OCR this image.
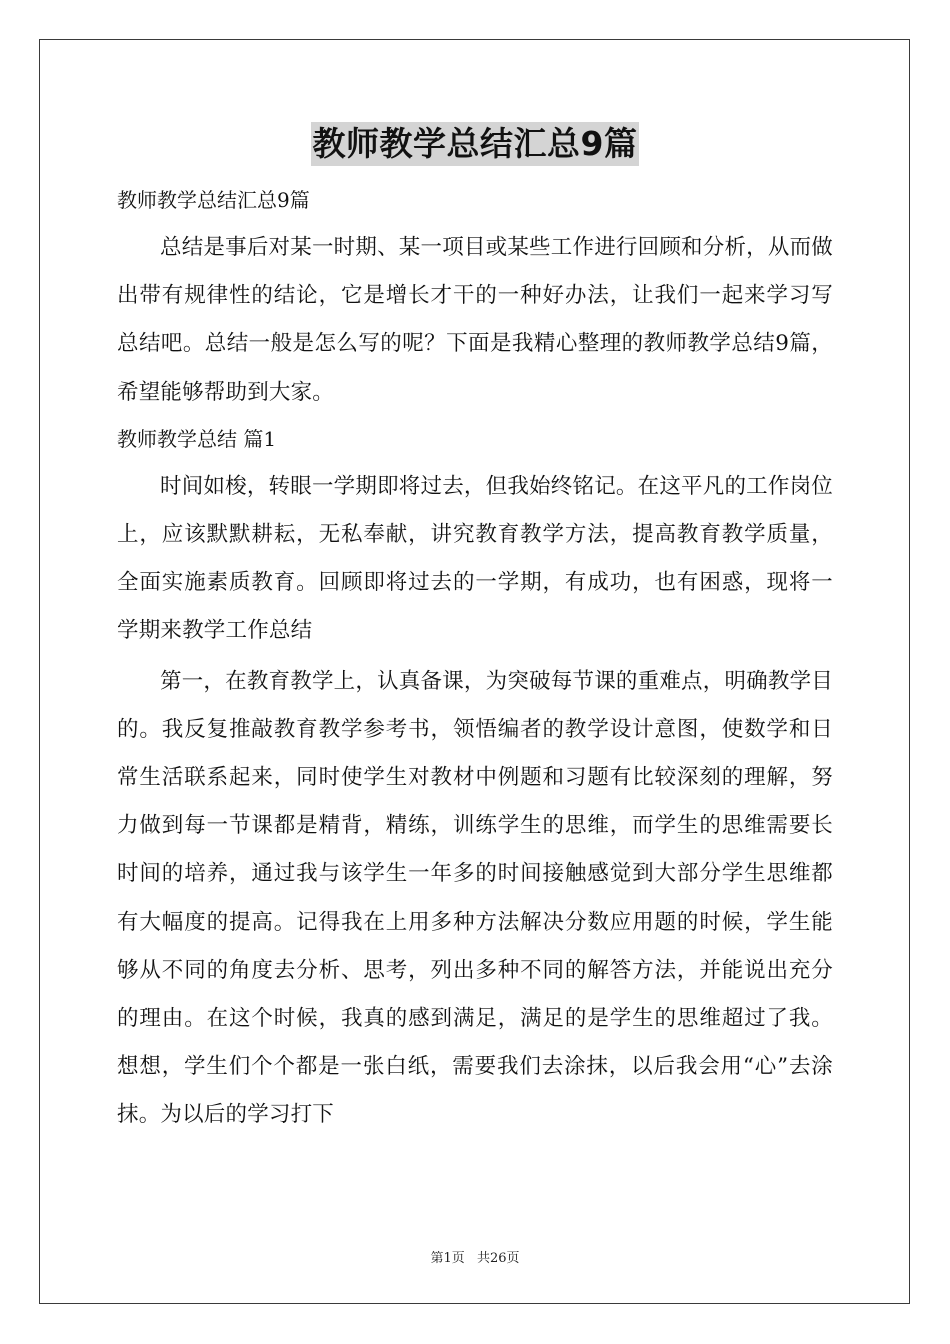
教师教学总结汇总9篇
教师教学总结汇总9篇

总结是事后对某一时期、某一项目或某些工作进行回顾和分析，从而做出带有规律性的结论，它是增长才干的一种好办法，让我们一起来学习写总结吧。总结一般是怎么写的呢？下面是我精心整理的教师教学总结9篇，希望能够帮助到大家。

教师教学总结 篇1

时间如梭，转眼一学期即将过去，但我始终铭记。在这平凡的工作岗位上，应该默默耕耘，无私奉献，讲究教育教学方法，提高教育教学质量，全面实施素质教育。回顾即将过去的一学期，有成功，也有困惑，现将一学期来教学工作总结

第一，在教育教学上，认真备课，为突破每节课的重难点，明确教学目的。我反复推敲教育教学参考书，领悟编者的教学设计意图，使数学和日常生活联系起来，同时使学生对教材中例题和习题有比较深刻的理解，努力做到每一节课都是精背，精练，训练学生的思维，而学生的思维需要长时间的培养，通过我与该学生一年多的时间接触感觉到大部分学生思维都有大幅度的提高。记得我在上用多种方法解决分数应用题的时候，学生能够从不同的角度去分析、思考，列出多种不同的解答方法，并能说出充分的理由。在这个时候，我真的感到满足，满足的是学生的思维超过了我。想想，学生们个个都是一张白纸，需要我们去涂抹，以后我会用“心”去涂抹。为以后的学习打下

第1页 共26页
